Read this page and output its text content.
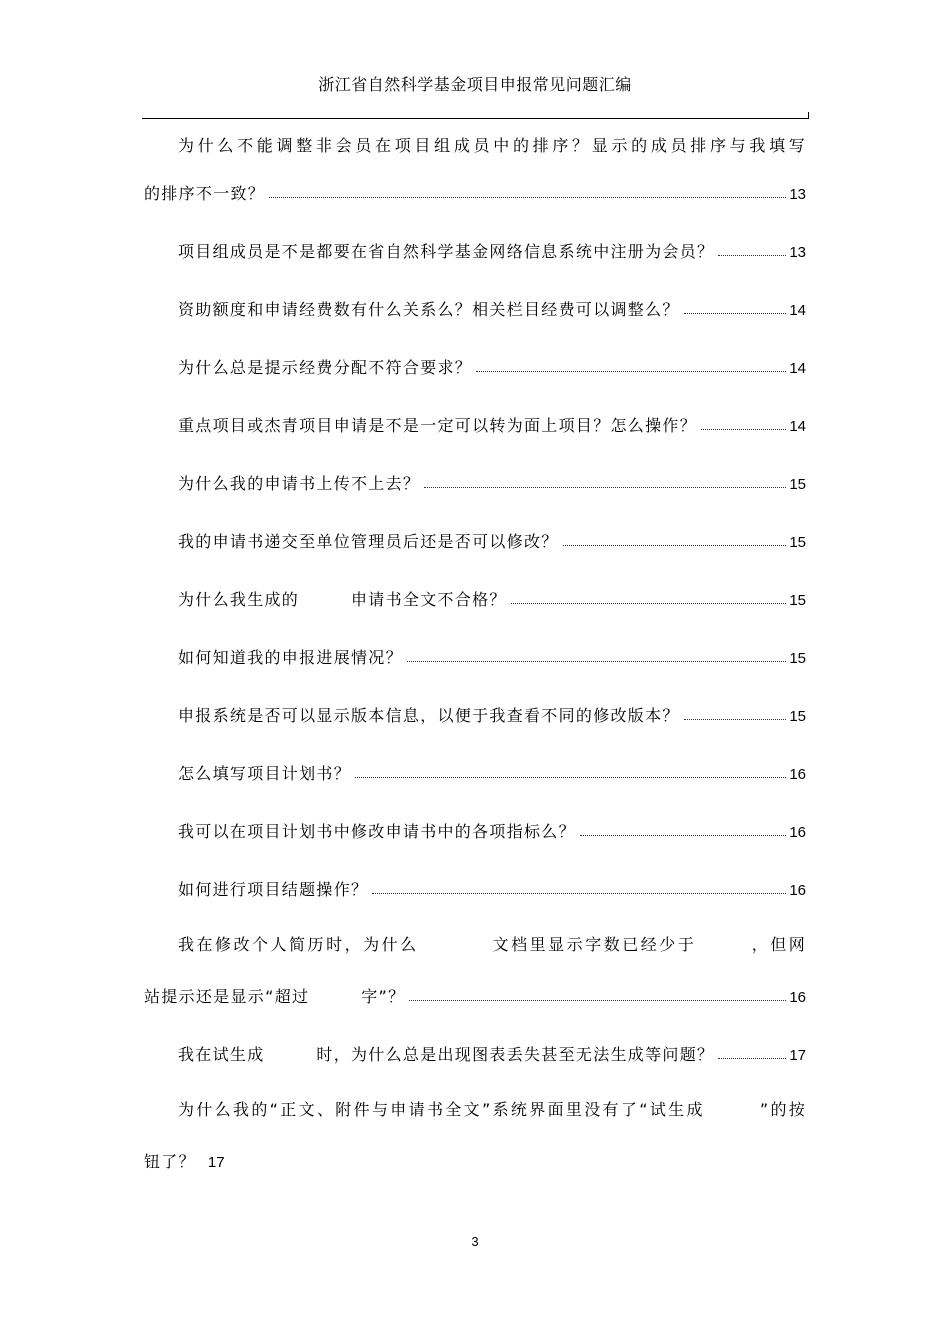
浙江省自然科学基金项目申报常见问题汇编
为什么不能调整非会员在项目组成员中的排序？显示的成员排序与我填写
的排序不一致？	13
项目组成员是不是都要在省自然科学基金网络信息系统中注册为会员？	13
资助额度和申请经费数有什么关系么？相关栏目经费可以调整么？	14
为什么总是提示经费分配不符合要求？	14
重点项目或杰青项目申请是不是一定可以转为面上项目？怎么操作？	14
为什么我的申请书上传不上去？	15
我的申请书递交至单位管理员后还是否可以修改？	15
为什么我生成的　　　申请书全文不合格？	15
如何知道我的申报进展情况？	15
申报系统是否可以显示版本信息，以便于我查看不同的修改版本？	15
怎么填写项目计划书？	16
我可以在项目计划书中修改申请书中的各项指标么？	16
如何进行项目结题操作？	16
我在修改个人简历时，为什么　　　　文档里显示字数已经少于　　　，但网
站提示还是显示“超过　　　字”？	16
我在试生成　　　时，为什么总是出现图表丢失甚至无法生成等问题？	17
为什么我的“正文、附件与申请书全文”系统界面里没有了“试生成　　　”的按
钮了？ 17
3
